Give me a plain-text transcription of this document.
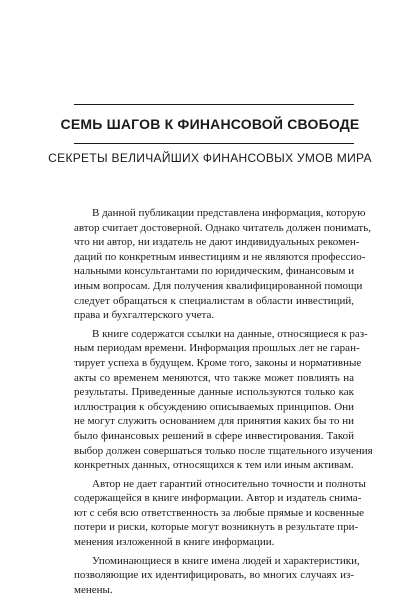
СЕМЬ ШАГОВ К ФИНАНСОВОЙ СВОБОДЕ
СЕКРЕТЫ ВЕЛИЧАЙШИХ ФИНАНСОВЫХ УМОВ МИРА
В данной публикации представлена информация, которую
автор считает достоверной. Однако читатель должен понимать,
что ни автор, ни издатель не дают индивидуальных рекомен-
даций по конкретным инвестициям и не являются профессио-
нальными консультантами по юридическим, финансовым и
иным вопросам. Для получения квалифицированной помощи
следует обращаться к специалистам в области инвестиций,
права и бухгалтерского учета.
В книге содержатся ссылки на данные, относящиеся к раз-
ным периодам времени. Информация прошлых лет не гаран-
тирует успеха в будущем. Кроме того, законы и нормативные
акты со временем меняются, что также может повлиять на
результаты. Приведенные данные используются только как
иллюстрация к обсуждению описываемых принципов. Они
не могут служить основанием для принятия каких бы то ни
было финансовых решений в сфере инвестирования. Такой
выбор должен совершаться только после тщательного изучения
конкретных данных, относящихся к тем или иным активам.
Автор не дает гарантий относительно точности и полноты
содержащейся в книге информации. Автор и издатель снима-
ют с себя всю ответственность за любые прямые и косвенные
потери и риски, которые могут возникнуть в результате при-
менения изложенной в книге информации.
Упоминающиеся в книге имена людей и характеристики,
позволяющие их идентифицировать, во многих случаях из-
менены.
